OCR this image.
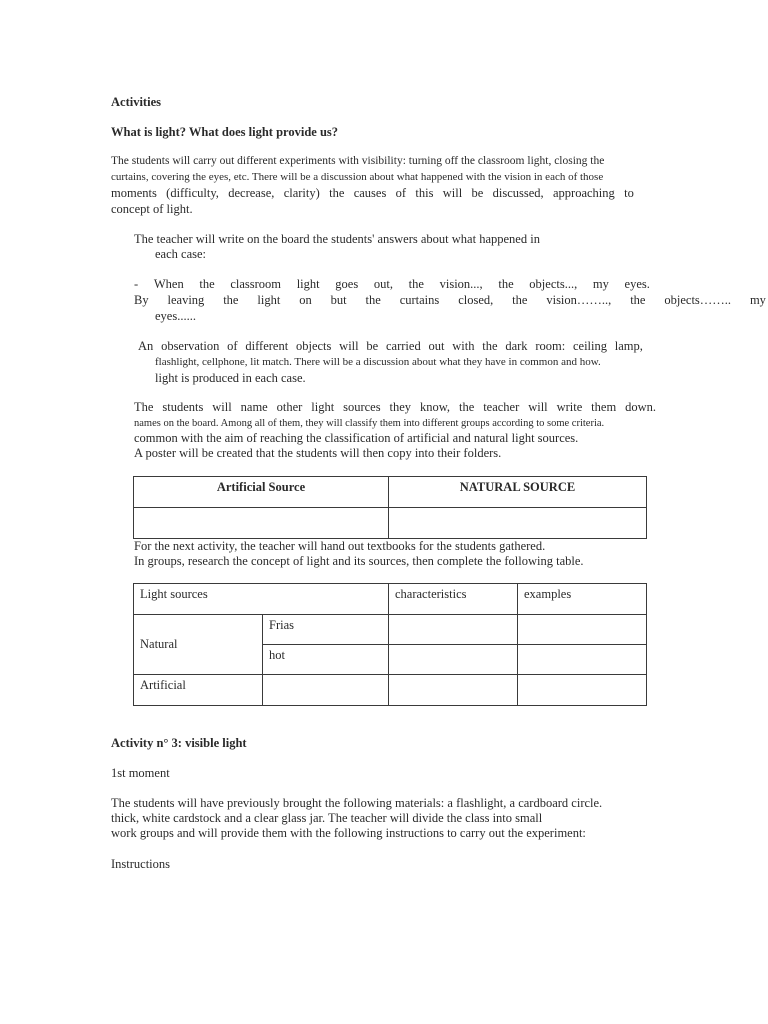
Activities

What is light? What does light provide us?

The students will carry out different experiments with visibility: turning off the classroom light, closing the

curtains, covering the eyes, etc. There will be a discussion about what happened with the vision in each of those

moments (difficulty, decrease, clarity) the causes of this will be discussed, approaching to

concept of light.

The teacher will write on the board the students' answers about what happened in

each case:

- When the classroom light goes out, the vision..., the objects..., my eyes.
By leaving the light on but the curtains closed, the vision…….., the objects…….. my

eyes......

An observation of different objects will be carried out with the dark room: ceiling lamp,

flashlight, cellphone, lit match. There will be a discussion about what they have in common and how.

light is produced in each case.

The students will name other light sources they know, the teacher will write them down.

names on the board. Among all of them, they will classify them into different groups according to some criteria.

common with the aim of reaching the classification of artificial and natural light sources.

A poster will be created that the students will then copy into their folders.

Artificial Source	NATURAL SOURCE

For the next activity, the teacher will hand out textbooks for the students gathered.

In groups, research the concept of light and its sources, then complete the following table.

Light sources		characteristics	examples
Natural	Frias		
	hot		
Artificial			

Activity n° 3: visible light

1st moment

The students will have previously brought the following materials: a flashlight, a cardboard circle.

thick, white cardstock and a clear glass jar. The teacher will divide the class into small

work groups and will provide them with the following instructions to carry out the experiment:

Instructions
